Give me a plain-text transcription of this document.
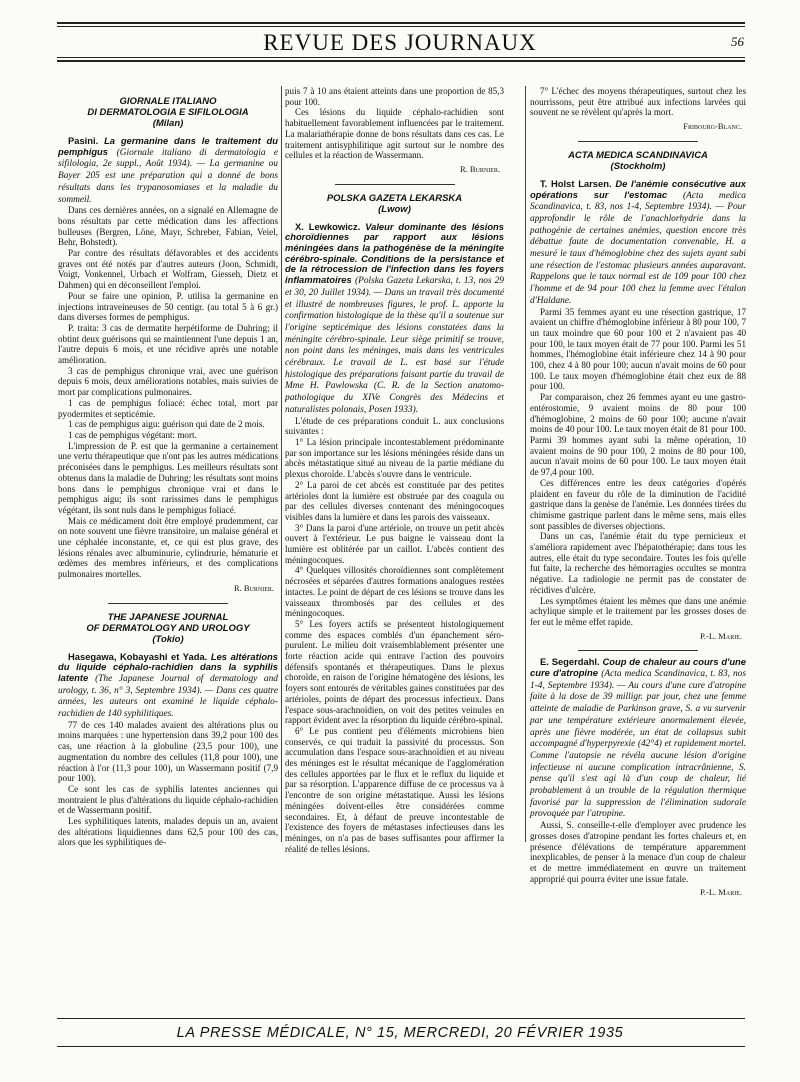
REVUE DES JOURNAUX	56
GIORNALE ITALIANO
DI DERMATOLOGIA E SIFILOLOGIA
(Milan)

Pasini. La germanine dans le traitement du pemphigus (Giornale italiano di dermatologia e sifilologia, 2e suppl., Août 1934). — La germanine ou Bayer 205 est une préparation qui a donné de bons résultats dans les trypanosomiases et la maladie du sommeil.

Dans ces dernières années, on a signalé en Allemagne de bons résultats par cette médication dans les affections bulleuses (Bergren, Löne, Mayr, Schreber, Fabian, Veiel, Behr, Bohstedt).

Par contre des résultats défavorables et des accidents graves ont été notés par d'autres auteurs (Joon, Schmidt, Voigt, Vonkennel, Urbach et Wolfram, Giesseh, Dietz et Dahmen) qui en déconseillent l'emploi.

Pour se faire une opinion, P. utilisa la germanine en injections intraveineuses de 50 centigr. (au total 5 à 6 gr.) dans diverses formes de pemphigus.

P. traita: 3 cas de dermatite herpétiforme de Duhring; il obtint deux guérisons qui se maintiennent l'une depuis 1 an, l'autre depuis 6 mois, et une récidive après une notable amélioration.

3 cas de pemphigus chronique vrai, avec une guérison depuis 6 mois, deux améliorations notables, mais suivies de mort par complications pulmonaires.

1 cas de pemphigus foliacé: échec total, mort par pyodermites et septicémie.

1 cas de pemphigus aigu: guérison qui date de 2 mois.

1 cas de pemphigus végétant: mort.

L'impression de P. est que la germanine a certainement une vertu thérapeutique que n'ont pas les autres médications préconisées dans le pemphigus. Les meilleurs résultats sont obtenus dans la maladie de Duhring; les résultats sont moins bons dans le pemphigus chronique vrai et dans le pemphigus aigu; ils sont rarissimes dans le pemphigus végétant, ils sont nuls dans le pemphigus foliacé.

Mais ce médicament doit être employé prudemment, car on note souvent une fièvre transitoire, un malaise général et une céphalée inconstante, et, ce qui est plus grave, des lésions rénales avec albuminurie, cylindrurie, hématurie et œdèmes des membres inférieurs, et des complications pulmonaires mortelles.

R. Burnier.
THE JAPANESE JOURNAL
OF DERMATOLOGY AND UROLOGY
(Tokio)

Hasegawa, Kobayashi et Yada. Les altérations du liquide céphalo-rachidien dans la syphilis latente (The Japanese Journal of dermatology and urology, t. 36, n° 3, Septembre 1934). — Dans ces quatre années, les auteurs ont examiné le liquide céphalo-rachidien de 140 syphilitiques.

77 de ces 140 malades avaient des altérations plus ou moins marquées : une hypertension dans 39,2 pour 100 des cas, une réaction à la globuline (23,5 pour 100), une augmentation du nombre des cellules (11,8 pour 100), une réaction à l'or (11,3 pour 100), un Wassermann positif (7,9 pour 100).

Ce sont les cas de syphilis latentes anciennes qui montraient le plus d'altérations du liquide céphalo-rachidien et de Wassermann positif.

Les syphilitiques latents, malades depuis un an, avaient des altérations liquidiennes dans 62,5 pour 100 des cas, alors que les syphilitiques de-

puis 7 à 10 ans étaient atteints dans une proportion de 85,3 pour 100.

Ces lésions du liquide céphalo-rachidien sont habituellement favorablement influencées par le traitement. La malariathérapie donne de bons résultats dans ces cas. Le traitement antisyphilitique agit surtout sur le nombre des cellules et la réaction de Wassermann.

R. Burnier.
POLSKA GAZETA LEKARSKA
(Lwow)

X. Lewkowicz. Valeur dominante des lésions choroïdiennes par rapport aux lésions méningées dans la pathogénèse de la méningite cérébro-spinale. Conditions de la persistance et de la rétrocession de l'infection dans les foyers inflammatoires (Polska Gazeta Lekarska, t. 13, nos 29 et 30, 20 Juillet 1934). — Dans un travail très documenté et illustré de nombreuses figures, le prof. L. apporte la confirmation histologique de la thèse qu'il a soutenue sur l'origine septicémique des lésions constatées dans la méningite cérébro-spinale. Leur siège primitif se trouve, non point dans les méninges, mais dans les ventricules cérébraux. Le travail de L. est basé sur l'étude histologique des préparations faisant partie du travail de Mme H. Pawlowska (C. R. de la Section anatomo-pathologique du XIVe Congrès des Médecins et naturalistes polonais, Posen 1933).

L'étude de ces préparations conduit L. aux conclusions suivantes :

1° La lésion principale incontestablement prédominante par son importance sur les lésions méningées réside dans un abcès métastatique situé au niveau de la partie médiane du plexus choroïde. L'abcès s'ouvre dans le ventricule.

2° La paroi de cet abcès est constituée par des petites artérioles dont la lumière est obstruée par des coagula ou par des cellules diverses contenant des méningocoques visibles dans la lumière et dans les parois des vaisseaux.

3° Dans la paroi d'une artériole, on trouve un petit abcès ouvert à l'extérieur. Le pus baigne le vaisseau dont la lumière est oblitérée par un caillot. L'abcès contient des méningocoques.

4° Quelques villosités choroïdiennes sont complètement nécrosées et séparées d'autres formations analogues restées intactes. Le point de départ de ces lésions se trouve dans les vaisseaux thrombosés par des cellules et des méningocoques.

5° Les foyers actifs se présentent histologiquement comme des espaces comblés d'un épanchement séro-purulent. Le milieu doit vraisemblablement présenter une forte réaction acide qui entrave l'action des pouvoirs défensifs spontanés et thérapeutiques. Dans le plexus choroïde, en raison de l'origine hématogène des lésions, les foyers sont entourés de véritables gaines constituées par des artérioles, points de départ des processus infectieux. Dans l'espace sous-arachnoïdien, on voit des petites veinules en rapport évident avec la résorption du liquide cérébro-spinal.

6° Le pus contient peu d'éléments microbiens bien conservés, ce qui traduit la passivité du processus. Son accumulation dans l'espace sous-arachnoïdien et au niveau des méninges est le résultat mécanique de l'agglomération des cellules apportées par le flux et le reflux du liquide et par sa résorption. L'apparence diffuse de ce processus va à l'encontre de son origine métastatique. Aussi les lésions méningées doivent-elles être considérées comme secondaires. Et, à défaut de preuve incontestable de l'existence des foyers de métastases infectieuses dans les méninges, on n'a pas de bases suffisantes pour affirmer la réalité de telles lésions.

7° L'échec des moyens thérapeutiques, surtout chez les nourrissons, peut être attribué aux infections larvées qui souvent ne se révèlent qu'après la mort.

Fribourg-Blanc.
ACTA MEDICA SCANDINAVICA
(Stockholm)

T. Holst Larsen. De l'anémie consécutive aux opérations sur l'estomac (Acta medica Scandinavica, t. 83, nos 1-4, Septembre 1934). — Pour approfondir le rôle de l'anachlorhydrie dans la pathogénie de certaines anémies, question encore très débattue faute de documentation convenable, H. a mesuré le taux d'hémoglobine chez des sujets ayant subi une résection de l'estomac plusieurs années auparavant. Rappelons que le taux normal est de 109 pour 100 chez l'homme et de 94 pour 100 chez la femme avec l'étalon d'Haldane.

Parmi 35 femmes ayant eu une résection gastrique, 17 avaient un chiffre d'hémoglobine inférieur à 80 pour 100, 7 un taux moindre que 60 pour 100 et 2 n'avaient pas 40 pour 100, le taux moyen était de 77 pour 100. Parmi les 51 hommes, l'hémoglobine était inférieure chez 14 à 90 pour 100, chez 4 à 80 pour 100; aucun n'avait moins de 60 pour 100. Le taux moyen d'hémoglobine était chez eux de 88 pour 100.

Par comparaison, chez 26 femmes ayant eu une gastro-entérostomie, 9 avaient moins de 80 pour 100 d'hémoglobine, 2 moins de 60 pour 100; aucune n'avait moins de 40 pour 100. Le taux moyen était de 81 pour 100. Parmi 39 hommes ayant subi la même opération, 10 avaient moins de 90 pour 100, 2 moins de 80 pour 100, aucun n'avait moins de 60 pour 100. Le taux moyen était de 97,4 pour 100.

Ces différences entre les deux catégories d'opérés plaident en faveur du rôle de la diminution de l'acidité gastrique dans la genèse de l'anémie. Les données tirées du chimisme gastrique parlent dans le même sens, mais elles sont passibles de diverses objections.

Dans un cas, l'anémie était du type pernicieux et s'améliora rapidement avec l'hépatothérapie; dans tous les autres, elle était du type secondaire. Toutes les fois qu'elle fut faite, la recherche des hémorragies occultes se montra négative. La radiologie ne permit pas de constater de récidives d'ulcère.

Les symptômes étaient les mêmes que dans une anémie achylique simple et le traitement par les grosses doses de fer eut le même effet rapide.

P.-L. Marie.

E. Segerdahl. Coup de chaleur au cours d'une cure d'atropine (Acta medica Scandinavica, t. 83, nos 1-4, Septembre 1934). — Au cours d'une cure d'atropine faite à la dose de 39 milligr. par jour, chez une femme atteinte de maladie de Parkinson grave, S. a vu survenir par une température extérieure anormalement élevée, après une fièvre modérée, un état de collapsus subit accompagné d'hyperpyrexie (42°4) et rapidement mortel. Comme l'autopsie ne révéla aucune lésion d'origine infectieuse ni aucune complication intracrânienne, S. pense qu'il s'est agi là d'un coup de chaleur, lié probablement à un trouble de la régulation thermique favorisé par la suppression de l'élimination sudorale provoquée par l'atropine.

Aussi, S. conseille-t-elle d'employer avec prudence les grosses doses d'atropine pendant les fortes chaleurs et, en présence d'élévations de température apparemment inexplicables, de penser à la menace d'un coup de chaleur et de mettre immédiatement en œuvre un traitement approprié qui pourra éviter une issue fatale.

P.-L. Marie.
LA PRESSE MÉDICALE, N° 15, MERCREDI, 20 FÉVRIER 1935
